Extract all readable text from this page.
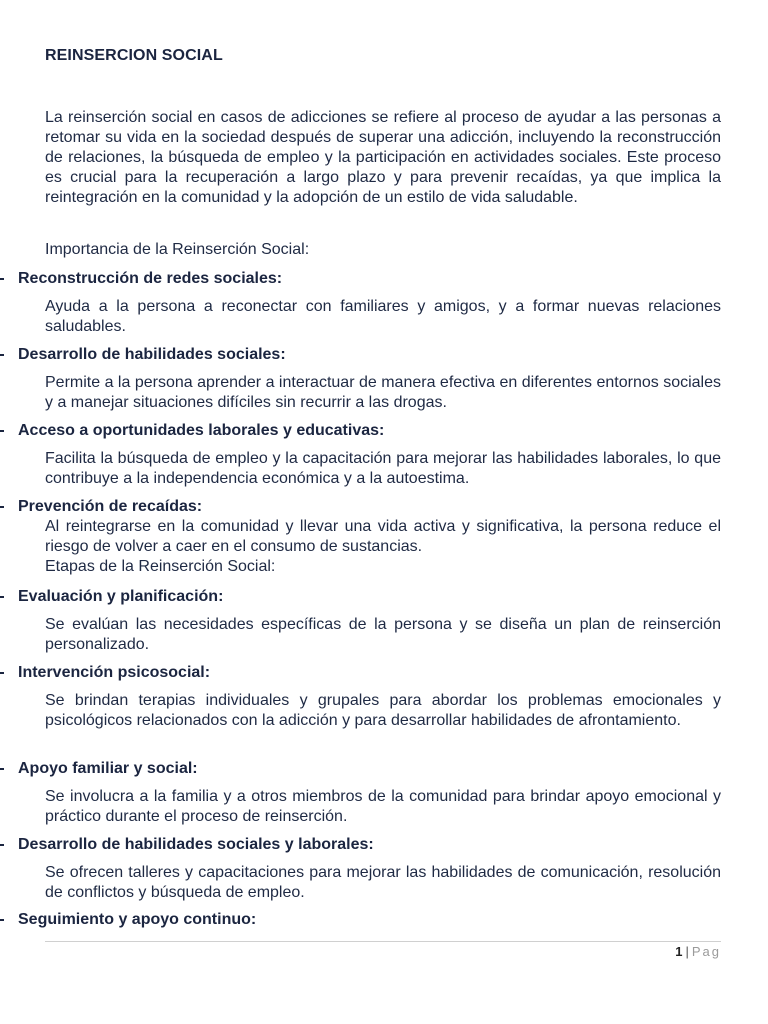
REINSERCION SOCIAL
La reinserción social en casos de adicciones se refiere al proceso de ayudar a las personas a retomar su vida en la sociedad después de superar una adicción, incluyendo la reconstrucción de relaciones, la búsqueda de empleo y la participación en actividades sociales. Este proceso es crucial para la recuperación a largo plazo y para prevenir recaídas, ya que implica la reintegración en la comunidad y la adopción de un estilo de vida saludable.
Importancia de la Reinserción Social:
Reconstrucción de redes sociales:
Ayuda a la persona a reconectar con familiares y amigos, y a formar nuevas relaciones saludables.
Desarrollo de habilidades sociales:
Permite a la persona aprender a interactuar de manera efectiva en diferentes entornos sociales y a manejar situaciones difíciles sin recurrir a las drogas.
Acceso a oportunidades laborales y educativas:
Facilita la búsqueda de empleo y la capacitación para mejorar las habilidades laborales, lo que contribuye a la independencia económica y a la autoestima.
Prevención de recaídas:
Al reintegrarse en la comunidad y llevar una vida activa y significativa, la persona reduce el riesgo de volver a caer en el consumo de sustancias.
Etapas de la Reinserción Social:
Evaluación y planificación:
Se evalúan las necesidades específicas de la persona y se diseña un plan de reinserción personalizado.
Intervención psicosocial:
Se brindan terapias individuales y grupales para abordar los problemas emocionales y psicológicos relacionados con la adicción y para desarrollar habilidades de afrontamiento.
Apoyo familiar y social:
Se involucra a la familia y a otros miembros de la comunidad para brindar apoyo emocional y práctico durante el proceso de reinserción.
Desarrollo de habilidades sociales y laborales:
Se ofrecen talleres y capacitaciones para mejorar las habilidades de comunicación, resolución de conflictos y búsqueda de empleo.
Seguimiento y apoyo continuo:
1 | Pag
